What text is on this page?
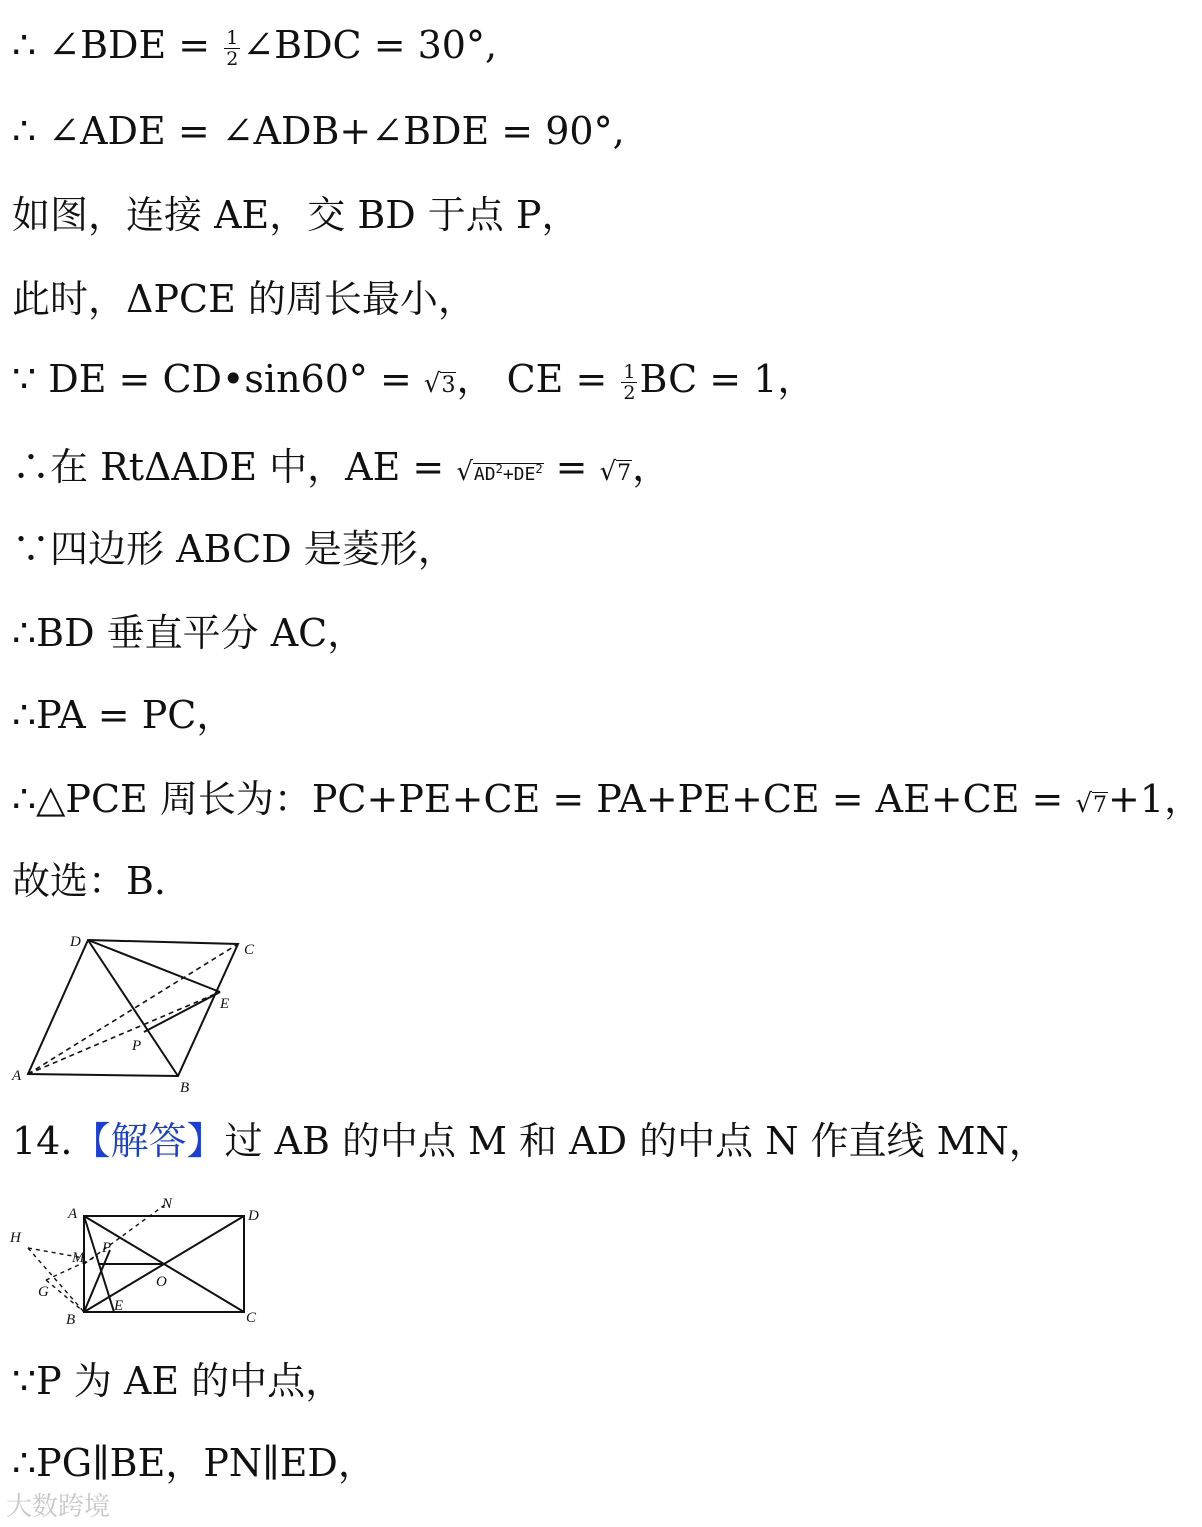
∴ ∠BDE = $\frac{1}{2}$ ∠BDC = 30°,
∴ ∠ADE = ∠ADB+∠BDE = 90°,
如图，连接 AE，交 BD 于点 P，
此时，ΔPCE 的周长最小，
∵ DE = CD•sin60° = √3， CE = $\frac{1}{2}$ BC = 1，
∴在 RtΔADE 中，AE = $√AD^2+DE^2 = √7$，
∵四边形 ABCD 是菱形，
∴BD 垂直平分 AC，
∴PA = PC，
∴△PCE 周长为：PC+PE+CE = PA+PE+CE = AE+CE = √7+1，
故选：B.
D	C
E
P
A
B
14.【解答】过 AB 的中点 M 和 AD 的中点 N 作直线 MN，
A	D
N
H
M
P
O
G
B
E
C
∵P 为 AE 的中点，
∴PG∥BE，PN∥ED，
大数跨境
